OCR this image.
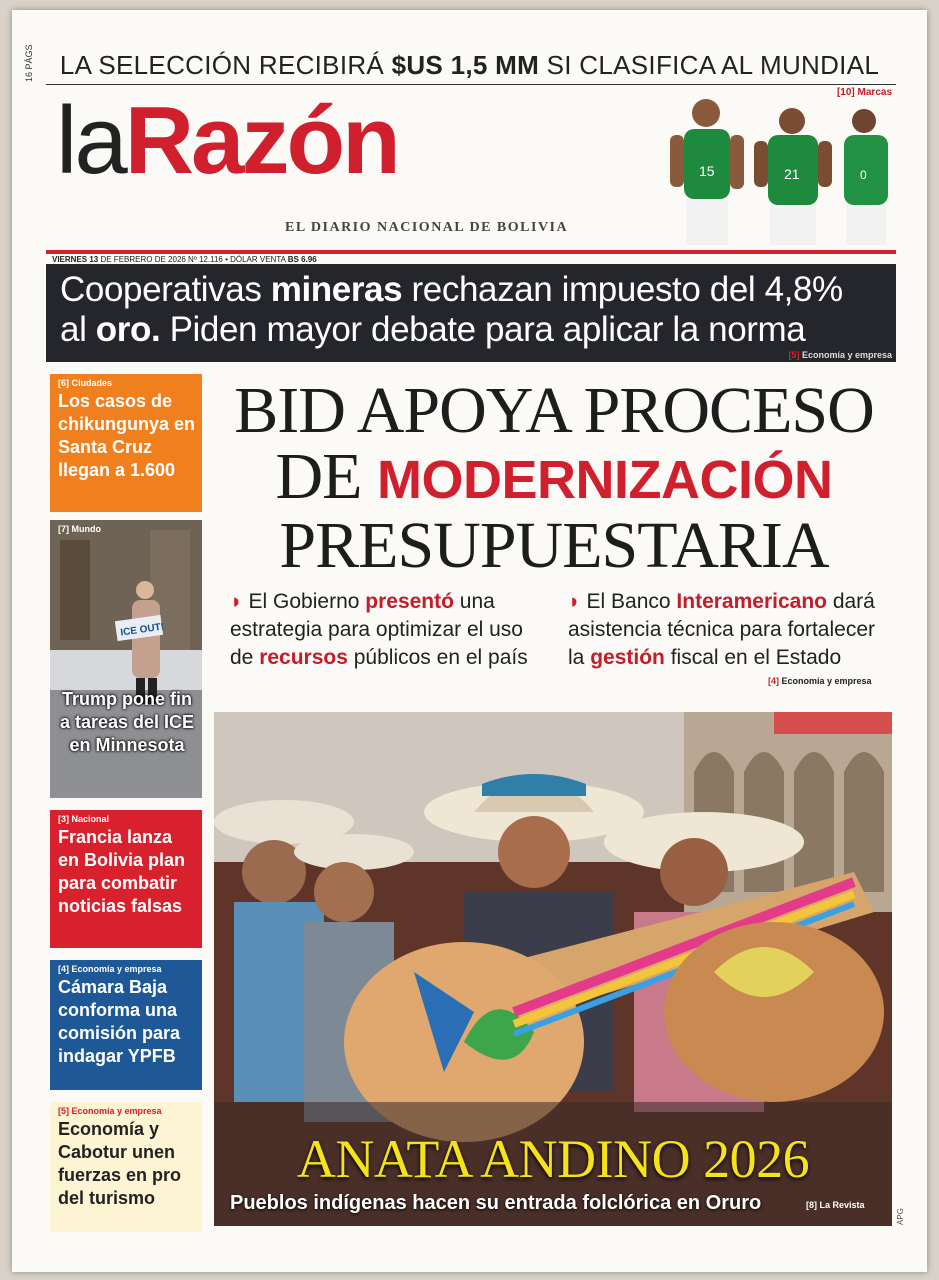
16 PÁGS LA SELECCIÓN RECIBIRÁ $US 1,5 MM SI CLASIFICA AL MUNDIAL
laRazón
EL DIARIO NACIONAL DE BOLIVIA
[10] Marcas
15	21	0
VIERNES 13 DE FEBRERO DE 2026 Nº 12.116 • DÓLAR VENTA BS 6.96
Cooperativas mineras rechazan impuesto del 4,8%
al oro. Piden mayor debate para aplicar la norma
[5] Economía y empresa
[6] Ciudades
Los casos de chikungunya en Santa Cruz llegan a 1.600
ICE OUT!
[7] Mundo
Trump pone fin a tareas del ICE en Minnesota
[3] Nacional
Francia lanza en Bolivia plan para combatir noticias falsas
[4] Economía y empresa
Cámara Baja conforma una comisión para indagar YPFB
[5] Economía y empresa
Economía y Cabotur unen fuerzas en pro del turismo
BID APOYA PROCESO
DE MODERNIZACIÓN
PRESUPUESTARIA
◗ El Gobierno presentó una estrategia para optimizar el uso de recursos públicos en el país
◗ El Banco Interamericano dará asistencia técnica para fortalecer la gestión fiscal en el Estado
[4] Economía y empresa
ANATA ANDINO 2026
Pueblos indígenas hacen su entrada folclórica en Oruro	[8] La Revista
APG
